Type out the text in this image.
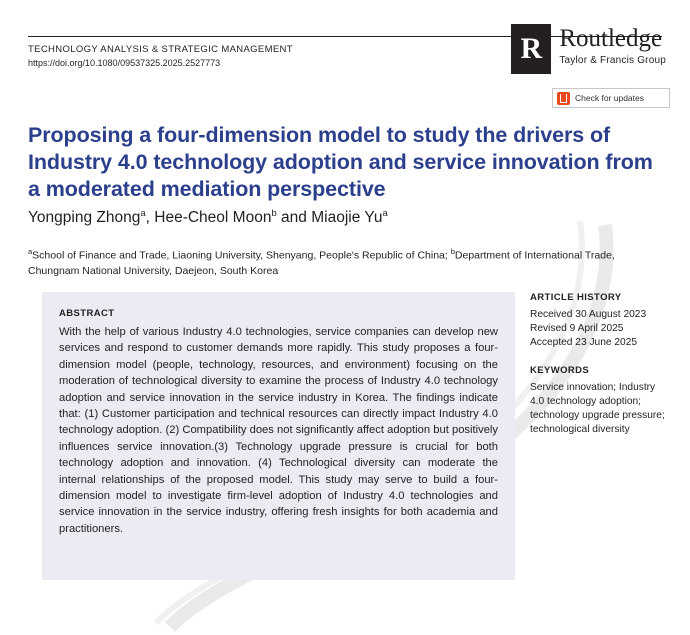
TECHNOLOGY ANALYSIS & STRATEGIC MANAGEMENT
https://doi.org/10.1080/09537325.2025.2527773	R Routledge
Taylor & Francis Group
Check for updates
Proposing a four-dimension model to study the drivers of Industry 4.0 technology adoption and service innovation from a moderated mediation perspective
Yongping Zhong$^a$, Hee-Cheol Moon$^b$ and Miaojie Yu$^a$
$^a$School of Finance and Trade, Liaoning University, Shenyang, People's Republic of China; $^b$Department of International Trade, Chungnam National University, Daejeon, South Korea
ABSTRACT
With the help of various Industry 4.0 technologies, service companies can develop new services and respond to customer demands more rapidly. This study proposes a four-dimension model (people, technology, resources, and environment) focusing on the moderation of technological diversity to examine the process of Industry 4.0 technology adoption and service innovation in the service industry in Korea. The findings indicate that: (1) Customer participation and technical resources can directly impact Industry 4.0 technology adoption. (2) Compatibility does not significantly affect adoption but positively influences service innovation.(3) Technology upgrade pressure is crucial for both technology adoption and innovation. (4) Technological diversity can moderate the internal relationships of the proposed model. This study may serve to build a four-dimension model to investigate firm-level adoption of Industry 4.0 technologies and service innovation in the service industry, offering fresh insights for both academia and practitioners.
ARTICLE HISTORY
Received 30 August 2023
Revised 9 April 2025
Accepted 23 June 2025
KEYWORDS
Service innovation; Industry 4.0 technology adoption; technology upgrade pressure; technological diversity
